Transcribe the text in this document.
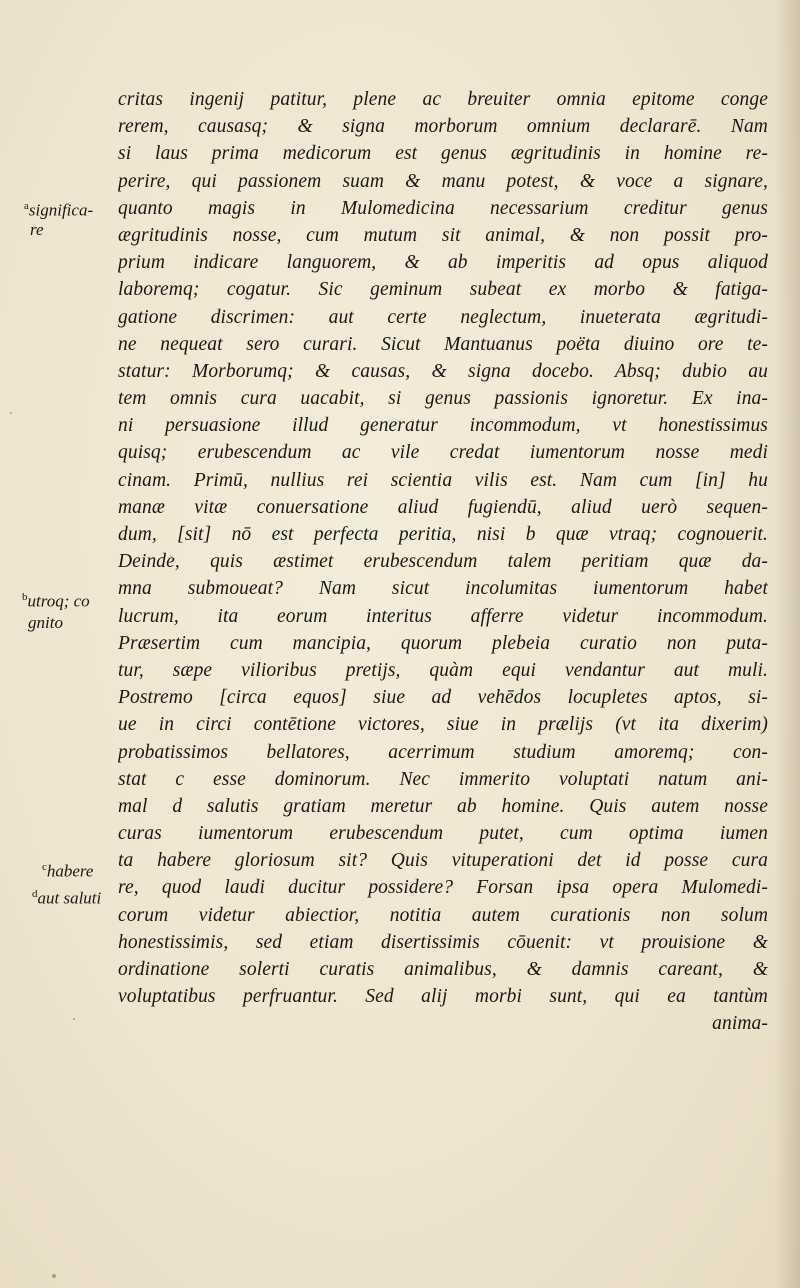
critas ingenij patitur, plene ac breuiter omnia epitome conge
rerem, causasq; & signa morborum omnium declararē. Nam
si laus prima medicorum est genus ægritudinis in homine re-
perire, qui passionem suam & manu potest, & voce a signare,
quanto magis in Mulomedicina necessarium creditur genus
ægritudinis nosse, cum mutum sit animal, & non possit pro-
prium indicare languorem, & ab imperitis ad opus aliquod
laboremq; cogatur. Sic geminum subeat ex morbo & fatiga-
gatione discrimen: aut certe neglectum, inueterata ægritudi-
ne nequeat sero curari. Sicut Mantuanus poëta diuino ore te-
statur: Morborumq; & causas, & signa docebo. Absq; dubio au
tem omnis cura uacabit, si genus passionis ignoretur. Ex ina-
ni persuasione illud generatur incommodum, vt honestissimus
quisq; erubescendum ac vile credat iumentorum nosse medi
cinam. Primū, nullius rei scientia vilis est. Nam cum [in] hu
manæ vitæ conuersatione aliud fugiendū, aliud uerò sequen-
dum, [sit] nō est perfecta peritia, nisi b quæ vtraq; cognouerit.
Deinde, quis æstimet erubescendum talem peritiam quæ da-
mna submoueat? Nam sicut incolumitas iumentorum habet
lucrum, ita eorum interitus afferre videtur incommodum.
Præsertim cum mancipia, quorum plebeia curatio non puta-
tur, sæpe vilioribus pretijs, quàm equi vendantur aut muli.
Postremo [circa equos] siue ad vehēdos locupletes aptos, si-
ue in circi contētione victores, siue in prælijs (vt ita dixerim)
probatissimos bellatores, acerrimum studium amoremq; con-
stat c esse dominorum. Nec immerito voluptati natum ani-
mal d salutis gratiam meretur ab homine. Quis autem nosse
curas iumentorum erubescendum putet, cum optima iumen
ta habere gloriosum sit? Quis vituperationi det id posse cura
re, quod laudi ducitur possidere? Forsan ipsa opera Mulomedi-
corum videtur abiectior, notitia autem curationis non solum
honestissimis, sed etiam disertissimis cōuenit: vt prouisione &
ordinatione solerti curatis animalibus, & damnis careant, &
voluptatibus perfruantur. Sed alij morbi sunt, qui ea tantùm
anima-
$^a$significa-
re
$^b$utroq; co
gnito
$^c$habere
$^d$aut saluti
